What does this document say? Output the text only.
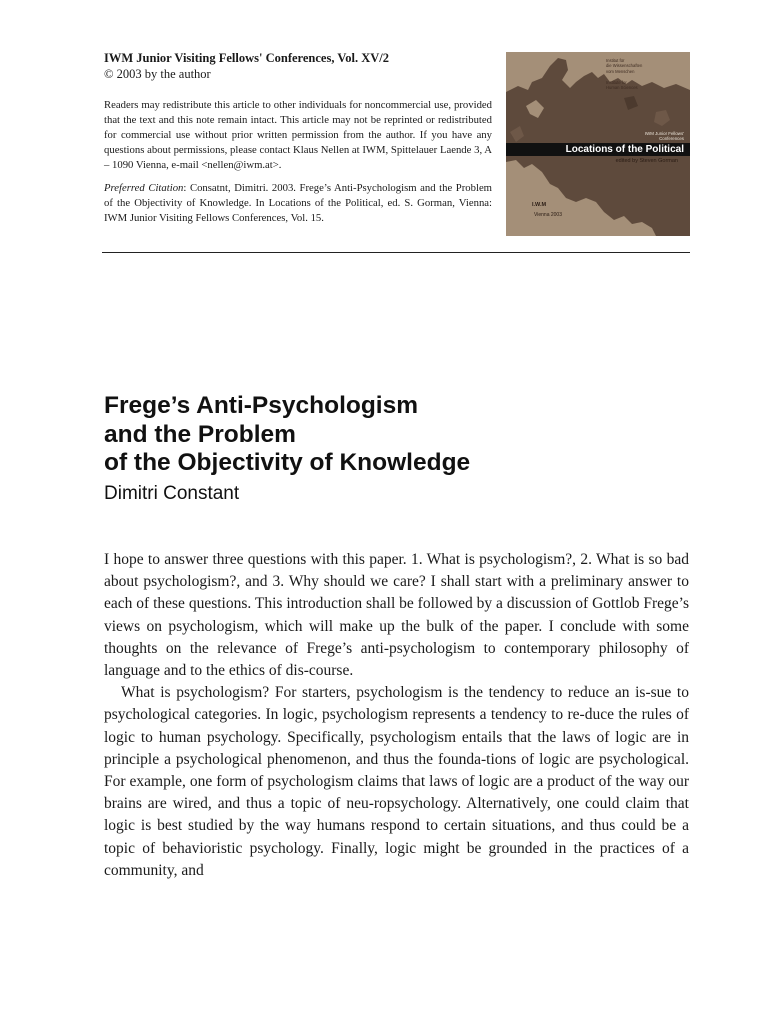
IWM Junior Visiting Fellows' Conferences, Vol. XV/2

© 2003 by the author

Readers may redistribute this article to other individuals for noncommercial use, provided that the text and this note remain intact. This article may not be reprinted or redistributed for commercial use without prior written permission from the author. If you have any questions about permissions, please contact Klaus Nellen at IWM, Spittelauer Laende 3, A – 1090 Vienna, e-mail <nellen@iwm.at>.

Preferred Citation: Consatnt, Dimitri. 2003. Frege’s Anti-Psychologism and the Problem of the Objectivity of Knowledge. In Locations of the Political, ed. S. Gorman, Vienna: IWM Junior Visiting Fellows Conferences, Vol. 15.

Institut für
die Wissenschaften
vom Menschen

Institute for
Human Sciences
IWM Junior Fellows'
Conferences
Locations of the Political
edited by Steven Gorman
I.W.M
Vienna 2003

Frege’s Anti-Psychologism

and the Problem

of the Objectivity of Knowledge

Dimitri Constant

I hope to answer three questions with this paper. 1. What is psychologism?, 2. What is so bad about psychologism?, and 3. Why should we care? I shall start with a preliminary answer to each of these questions. This introduction shall be followed by a discussion of Gottlob Frege’s views on psychologism, which will make up the bulk of the paper. I conclude with some thoughts on the relevance of Frege’s anti-psychologism to contemporary philosophy of language and to the ethics of dis-course.

What is psychologism? For starters, psychologism is the tendency to reduce an is-sue to psychological categories. In logic, psychologism represents a tendency to re-duce the rules of logic to human psychology. Specifically, psychologism entails that the laws of logic are in principle a psychological phenomenon, and thus the founda-tions of logic are psychological. For example, one form of psychologism claims that laws of logic are a product of the way our brains are wired, and thus a topic of neu-ropsychology. Alternatively, one could claim that logic is best studied by the way humans respond to certain situations, and thus could be a topic of behavioristic psychology. Finally, logic might be grounded in the practices of a community, and
